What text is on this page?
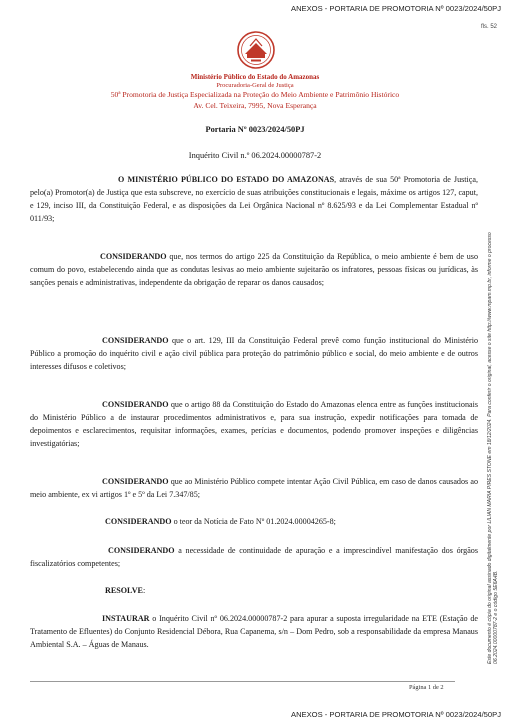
ANEXOS - PORTARIA DE PROMOTORIA Nº 0023/2024/50PJ
fls. 52
Ministério Público do Estado do Amazonas
Procuradoria-Geral de Justiça
50ª Promotoria de Justiça Especializada na Proteção do Meio Ambiente e Patrimônio Histórico
Av. Cel. Teixeira, 7995, Nova Esperança
Portaria Nº 0023/2024/50PJ
Inquérito Civil n.º 06.2024.00000787-2

O MINISTÉRIO PÚBLICO DO ESTADO DO AMAZONAS, através de sua 50ª Promotoria de Justiça, pelo(a) Promotor(a) de Justiça que esta subscreve, no exercício de suas atribuições constitucionais e legais, máxime os artigos 127, caput, e 129, inciso III, da Constituição Federal, e as disposições da Lei Orgânica Nacional nº 8.625/93 e da Lei Complementar Estadual nº 011/93;

CONSIDERANDO que, nos termos do artigo 225 da Constituição da República, o meio ambiente é bem de uso comum do povo, estabelecendo ainda que as condutas lesivas ao meio ambiente sujeitarão os infratores, pessoas físicas ou jurídicas, às sanções penais e administrativas, independente da obrigação de reparar os danos causados;

CONSIDERANDO que o art. 129, III da Constituição Federal prevê como função institucional do Ministério Público a promoção do inquérito civil e ação civil pública para proteção do patrimônio público e social, do meio ambiente e de outros interesses difusos e coletivos;

CONSIDERANDO que o artigo 88 da Constituição do Estado do Amazonas elenca entre as funções institucionais do Ministério Público a de instaurar procedimentos administrativos e, para sua instrução, expedir notificações para tomada de depoimentos e esclarecimentos, requisitar informações, exames, perícias e documentos, podendo promover inspeções e diligências investigatórias;

CONSIDERANDO que ao Ministério Público compete intentar Ação Civil Pública, em caso de danos causados ao meio ambiente, ex vi artigos 1º e 5º da Lei 7.347/85;

CONSIDERANDO o teor da Notícia de Fato Nº 01.2024.00004265-8;

CONSIDERANDO a necessidade de continuidade de apuração e a imprescindível manifestação dos órgãos fiscalizatórios competentes;

RESOLVE:

INSTAURAR o Inquérito Civil nº 06.2024.00000787-2 para apurar a suposta irregularidade na ETE (Estação de Tratamento de Efluentes) do Conjunto Residencial Débora, Rua Capanema, s/n – Dom Pedro, sob a responsabilidade da empresa Manaus Ambiental S.A. – Águas de Manaus.	Este documento é cópia do original assinado digitalmente por LILIAN MARIA PIRES STONE em 18/12/2024. Para conferir o original, acesse o site http://www.mpam.mp.br, informe o processo 06.2024.00000787-2 e o código 5E6A4B.
Página 1 de 2
ANEXOS - PORTARIA DE PROMOTORIA Nº 0023/2024/50PJ
